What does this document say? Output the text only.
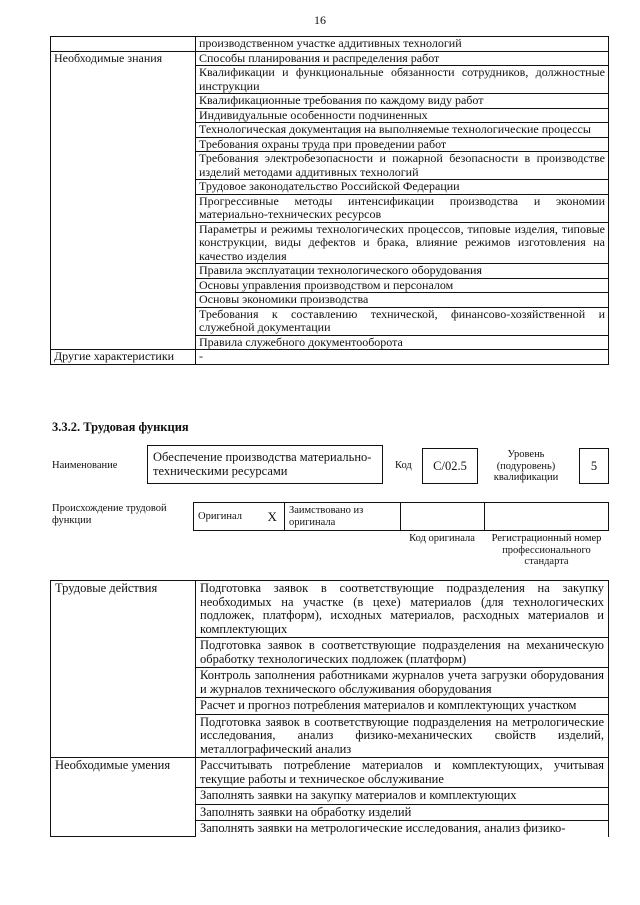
16
	производственном участке аддитивных технологий
Необходимые знания	Способы планирования и распределения работ
	Квалификации и функциональные обязанности сотрудников, должностные инструкции
	Квалификационные требования по каждому виду работ
	Индивидуальные особенности подчиненных
	Технологическая документация на выполняемые технологические процессы
	Требования охраны труда при проведении работ
	Требования электробезопасности и пожарной безопасности в производстве изделий методами аддитивных технологий
	Трудовое законодательство Российской Федерации
	Прогрессивные методы интенсификации производства и экономии материально-технических ресурсов
	Параметры и режимы технологических процессов, типовые изделия, типовые конструкции, виды дефектов и брака, влияние режимов изготовления на качество изделия
	Правила эксплуатации технологического оборудования
	Основы управления производством и персоналом
	Основы экономики производства
	Требования к составлению технической, финансово-хозяйственной и служебной документации
	Правила служебного документооборота
Другие характеристики	-
3.3.2. Трудовая функция
Наименование
Обеспечение производства материально-техническими ресурсами	Код	C/02.5
Уровень (подуровень) квалификации
5
Происхождение трудовой функции	Оригинал	X	Заимствовано из оригинала		
Код оригинала	Регистрационный номер профессионального стандарта
Трудовые действия	Подготовка заявок в соответствующие подразделения на закупку необходимых на участке (в цехе) материалов (для технологических подложек, платформ), исходных материалов, расходных материалов и комплектующих
	Подготовка заявок в соответствующие подразделения на механическую обработку технологических подложек (платформ)
	Контроль заполнения работниками журналов учета загрузки оборудования и журналов технического обслуживания оборудования
	Расчет и прогноз потребления материалов и комплектующих участком
	Подготовка заявок в соответствующие подразделения на метрологические исследования, анализ физико-механических свойств изделий, металлографический анализ
Необходимые умения	Рассчитывать потребление материалов и комплектующих, учитывая текущие работы и техническое обслуживание
	Заполнять заявки на закупку материалов и комплектующих
	Заполнять заявки на обработку изделий
	Заполнять заявки на метрологические исследования, анализ физико-
